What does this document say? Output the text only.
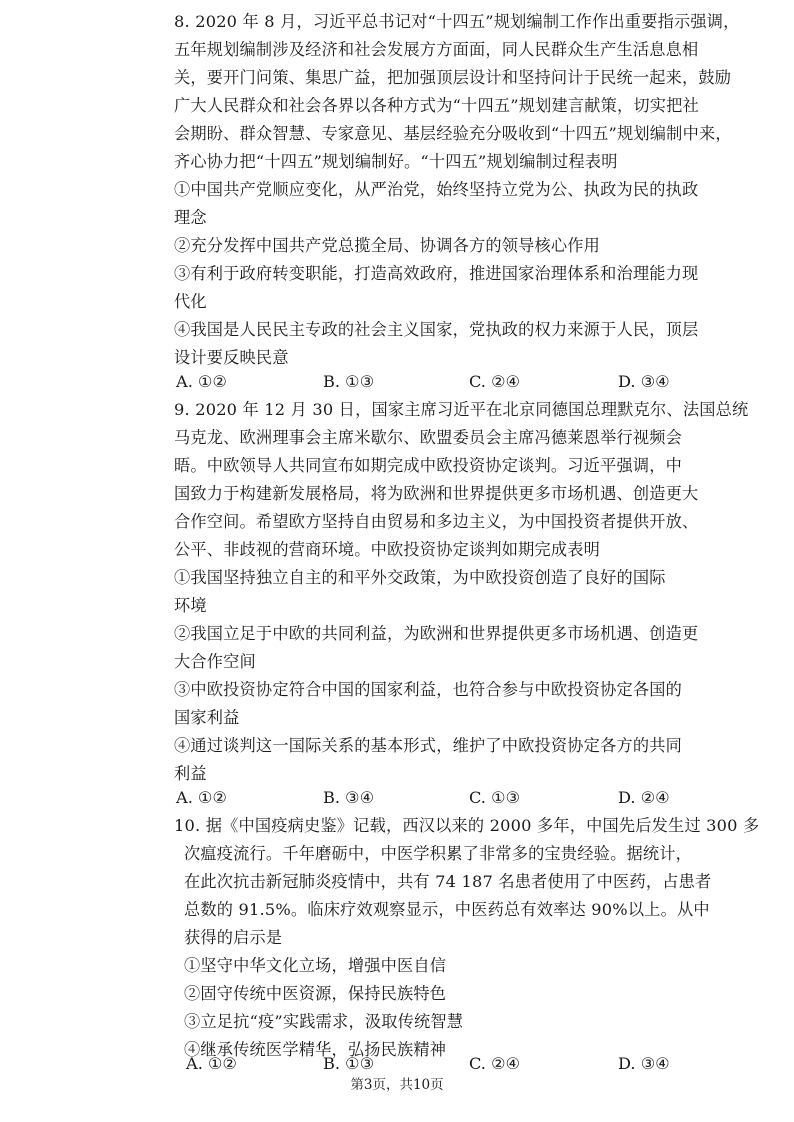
8. 2020 年 8 月，习近平总书记对“十四五”规划编制工作作出重要指示强调，
五年规划编制涉及经济和社会发展方方面面，同人民群众生产生活息息相
关，要开门问策、集思广益，把加强顶层设计和坚持问计于民统一起来，鼓励
广大人民群众和社会各界以各种方式为“十四五”规划建言献策，切实把社
会期盼、群众智慧、专家意见、基层经验充分吸收到“十四五”规划编制中来，
齐心协力把“十四五”规划编制好。“十四五”规划编制过程表明
①中国共产党顺应变化，从严治党，始终坚持立党为公、执政为民的执政
理念
②充分发挥中国共产党总揽全局、协调各方的领导核心作用
③有利于政府转变职能，打造高效政府，推进国家治理体系和治理能力现
代化
④我国是人民民主专政的社会主义国家，党执政的权力来源于人民，顶层
设计要反映民意
A. ①②	B. ①③	C. ②④	D. ③④
9. 2020 年 12 月 30 日，国家主席习近平在北京同德国总理默克尔、法国总统
马克龙、欧洲理事会主席米歇尔、欧盟委员会主席冯德莱恩举行视频会
晤。中欧领导人共同宣布如期完成中欧投资协定谈判。习近平强调，中
国致力于构建新发展格局，将为欧洲和世界提供更多市场机遇、创造更大
合作空间。希望欧方坚持自由贸易和多边主义，为中国投资者提供开放、
公平、非歧视的营商环境。中欧投资协定谈判如期完成表明
①我国坚持独立自主的和平外交政策，为中欧投资创造了良好的国际
环境
②我国立足于中欧的共同利益，为欧洲和世界提供更多市场机遇、创造更
大合作空间
③中欧投资协定符合中国的国家利益，也符合参与中欧投资协定各国的
国家利益
④通过谈判这一国际关系的基本形式，维护了中欧投资协定各方的共同
利益
A. ①②	B. ③④	C. ①③	D. ②④
10. 据《中国疫病史鉴》记载，西汉以来的 2000 多年，中国先后发生过 300 多
次瘟疫流行。千年磨砺中，中医学积累了非常多的宝贵经验。据统计，
在此次抗击新冠肺炎疫情中，共有 74 187 名患者使用了中医药，占患者
总数的 91.5%。临床疗效观察显示，中医药总有效率达 90%以上。从中
获得的启示是
①坚守中华文化立场，增强中医自信
②固守传统中医资源，保持民族特色
③立足抗“疫”实践需求，汲取传统智慧
④继承传统医学精华，弘扬民族精神
A. ①②	B. ①③	C. ②④	D. ③④
第3页，共10页
